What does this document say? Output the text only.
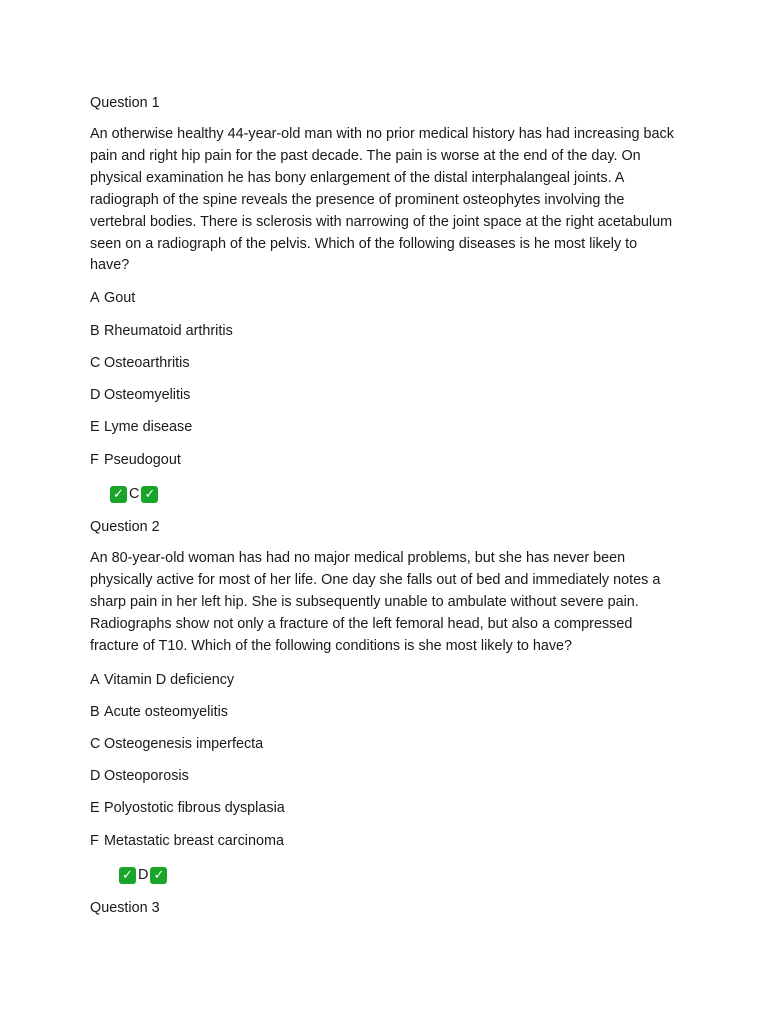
Question 1

An otherwise healthy 44-year-old man with no prior medical history has had increasing back pain and right hip pain for the past decade. The pain is worse at the end of the day. On physical examination he has bony enlargement of the distal interphalangeal joints. A radiograph of the spine reveals the presence of prominent osteophytes involving the vertebral bodies. There is sclerosis with narrowing of the joint space at the right acetabulum seen on a radiograph of the pelvis. Which of the following diseases is he most likely to have?

A Gout
B Rheumatoid arthritis
C Osteoarthritis
D Osteomyelitis
E Lyme disease
F Pseudogout
✓ C ✓
Question 2

An 80-year-old woman has had no major medical problems, but she has never been physically active for most of her life. One day she falls out of bed and immediately notes a sharp pain in her left hip. She is subsequently unable to ambulate without severe pain. Radiographs show not only a fracture of the left femoral head, but also a compressed fracture of T10. Which of the following conditions is she most likely to have?

A Vitamin D deficiency
B Acute osteomyelitis
C Osteogenesis imperfecta
D Osteoporosis
E Polyostotic fibrous dysplasia
F Metastatic breast carcinoma
✓ D ✓
Question 3
